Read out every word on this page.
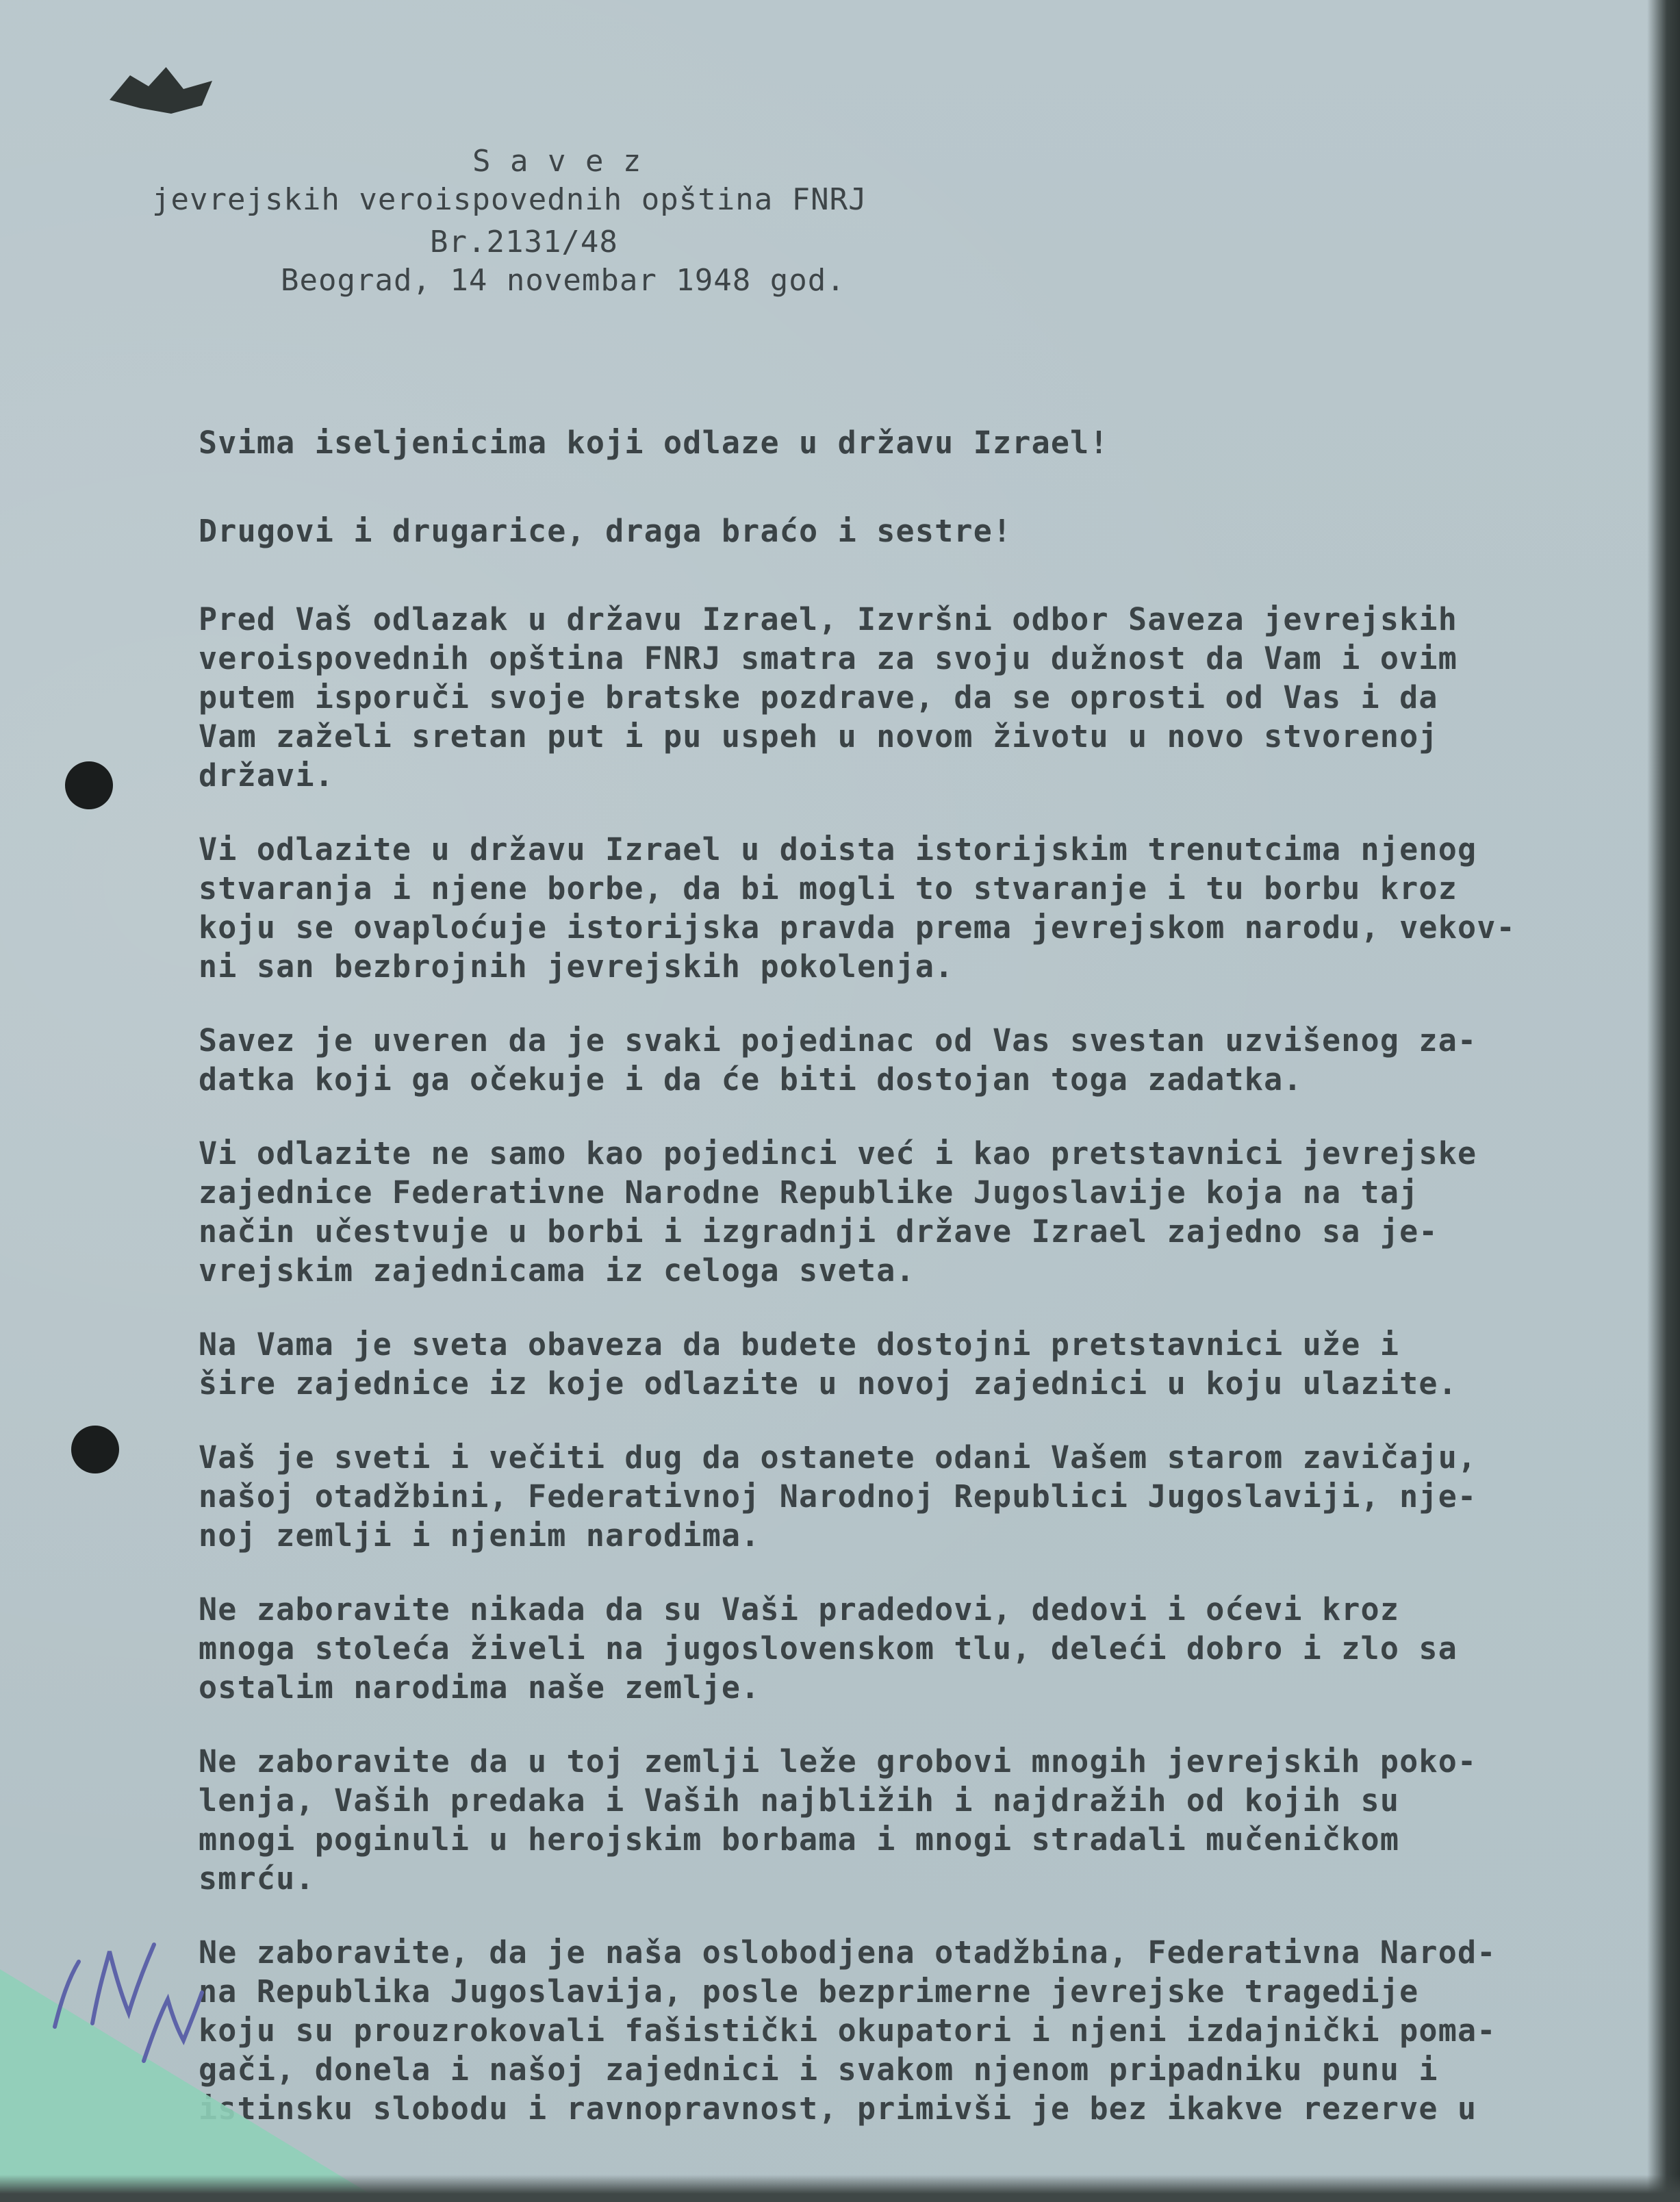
S a v e z
jevrejskih veroispovednih opština FNRJ
Br.2131/48
Beograd, 14 novembar 1948 god.
Svima iseljenicima koji odlaze u državu Izrael!
Drugovi i drugarice, draga braćo i sestre!
Pred Vaš odlazak u državu Izrael, Izvršni odbor Saveza jevrejskih
veroispovednih opština FNRJ smatra za svoju dužnost da Vam i ovim
putem isporuči svoje bratske pozdrave, da se oprosti od Vas i da
Vam zaželi sretan put i pu uspeh u novom životu u novo stvorenoj
državi.
Vi odlazite u državu Izrael u doista istorijskim trenutcima njenog
stvaranja i njene borbe, da bi mogli to stvaranje i tu borbu kroz
koju se ovaploćuje istorijska pravda prema jevrejskom narodu, vekov-
ni san bezbrojnih jevrejskih pokolenja.
Savez je uveren da je svaki pojedinac od Vas svestan uzvišenog za-
datka koji ga očekuje i da će biti dostojan toga zadatka.
Vi odlazite ne samo kao pojedinci već i kao pretstavnici jevrejske
zajednice Federativne Narodne Republike Jugoslavije koja na taj
način učestvuje u borbi i izgradnji države Izrael zajedno sa je-
vrejskim zajednicama iz celoga sveta.
Na Vama je sveta obaveza da budete dostojni pretstavnici uže i
šire zajednice iz koje odlazite u novoj zajednici u koju ulazite.
Vaš je sveti i večiti dug da ostanete odani Vašem starom zavičaju,
našoj otadžbini, Federativnoj Narodnoj Republici Jugoslaviji, nje-
noj zemlji i njenim narodima.
Ne zaboravite nikada da su Vaši pradedovi, dedovi i oćevi kroz
mnoga stoleća živeli na jugoslovenskom tlu, deleći dobro i zlo sa
ostalim narodima naše zemlje.
Ne zaboravite da u toj zemlji leže grobovi mnogih jevrejskih poko-
lenja, Vaših predaka i Vaših najbližih i najdražih od kojih su
mnogi poginuli u herojskim borbama i mnogi stradali mučeničkom
smrću.
Ne zaboravite, da je naša oslobodjena otadžbina, Federativna Narod-
na Republika Jugoslavija, posle bezprimerne jevrejske tragedije
koju su prouzrokovali fašistički okupatori i njeni izdajnički poma-
gači, donela i našoj zajednici i svakom njenom pripadniku punu i
istinsku slobodu i ravnopravnost, primivši je bez ikakve rezerve u
